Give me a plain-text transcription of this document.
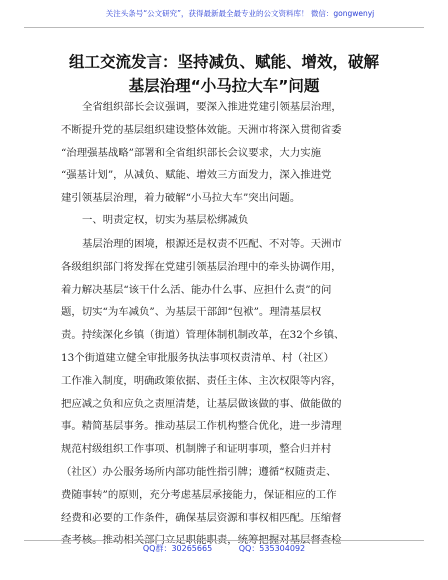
关注头条号“公文研究”，获得最新最全最专业的公文资料库！ 微信：gongwenyj
组工交流发言：坚持减负、赋能、增效，破解
基层治理“小马拉大车”问题
全省组织部长会议强调，要深入推进党建引领基层治理，
不断提升党的基层组织建设整体效能。天洲市将深入贯彻省委
“治理强基战略”部署和全省组织部长会议要求，大力实施
“强基计划”，从减负、赋能、增效三方面发力，深入推进党
建引领基层治理，着力破解“小马拉大车”突出问题。
一、明责定权，切实为基层松绑减负
基层治理的困境，根源还是权责不匹配、不对等。天洲市
各级组织部门将发挥在党建引领基层治理中的牵头协调作用，
着力解决基层“该干什么活、能办什么事、应担什么责”的问
题，切实“为车减负”、为基层干部卸“包袱”。理清基层权
责。持续深化乡镇（街道）管理体制机制改革，在32个乡镇、
13个街道建立健全审批服务执法事项权责清单、村（社区）
工作准入制度，明确政策依据、责任主体、主次权限等内容，
把应减之负和应负之责厘清楚，让基层做该做的事、做能做的
事。精简基层事务。推动基层工作机构整合优化，进一步清理
规范村级组织工作事项、机制牌子和证明事项，整合归并村
（社区）办公服务场所内部功能性指引牌；遵循“权随责走、
费随事转”的原则，充分考虑基层承接能力，保证相应的工作
经费和必要的工作条件，确保基层资源和事权相匹配。压缩督
查考核。推动相关部门立足职能职责，统筹把握对基层督查检
QQ群：30265665	QQ：535304092
